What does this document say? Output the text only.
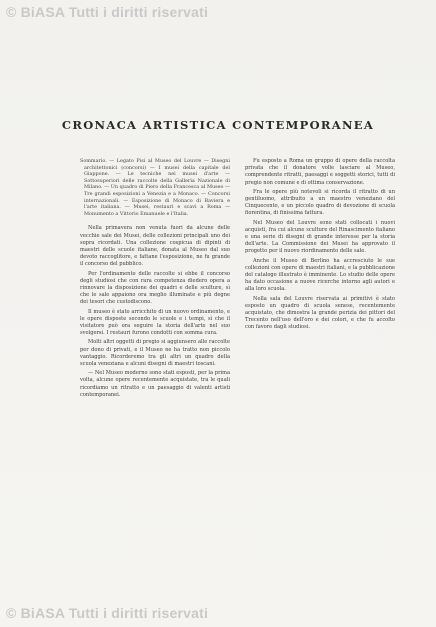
© BiASA Tutti i diritti riservati
CRONACA ARTISTICA CONTEMPORANEA
Sommario. — Legato Pisi al Museo del Louvre — Disegni architettonici (concorsi) — I musei della capitale del Giappone. — Le tecniche nei musei d'arte — Sottosuperiori delle raccolte della Galleria Nazionale di Milano. — Un quadro di Piero della Francesca al Museo — Tre grandi esposizioni a Venezia e a Monaco. — Concorsi internazionali. — Esposizione di Monaco di Baviera e l'arte italiana. — Musei, restauri e scavi a Roma — Monumento a Vittorio Emanuele e l'Italia.

Nella primavera non venuta fuori da alcune delle vecchie sale dei Musei, delle collezioni principali uno dei sopra ricordati. Una collezione cospicua di dipinti di maestri delle scuole italiane, donata al Museo dal suo devoto raccoglitore, e fattane l'esposizione, ne fu grande il concorso del pubblico.

Per l'ordinamento delle raccolte si ebbe il concorso degli studiosi che con rara competenza diedero opera a rinnovare la disposizione dei quadri e delle sculture, sì che le sale appaiono ora meglio illuminate e più degne dei tesori che custodiscono.

Il museo è stato arricchito di un nuovo ordinamento, e le opere disposte secondo le scuole e i tempi, sì che il visitatore può ora seguire la storia dell'arte nel suo svolgersi. I restauri furono condotti con somma cura.

Molti altri oggetti di pregio si aggiunsero alle raccolte per dono di privati, e il Museo ne ha tratto non piccolo vantaggio. Ricorderemo tra gli altri un quadro della scuola veneziana e alcuni disegni di maestri toscani.

— Nel Museo moderno sono stati esposti, per la prima volta, alcune opere recentemente acquistate, tra le quali ricordiamo un ritratto e un paesaggio di valenti artisti contemporanei.

Fu esposto a Roma un gruppo di opere della raccolta privata che il donatore volle lasciare al Museo, comprendente ritratti, paesaggi e soggetti storici, tutti di pregio non comune e di ottima conservazione.

Fra le opere più notevoli si ricorda il ritratto di un gentiluomo, attribuito a un maestro veneziano del Cinquecento, e un piccolo quadro di devozione di scuola fiorentina, di finissima fattura.

Nel Museo del Louvre sono stati collocati i nuovi acquisti, fra cui alcune sculture del Rinascimento italiano e una serie di disegni di grande interesse per la storia dell'arte. La Commissione dei Musei ha approvato il progetto per il nuovo riordinamento delle sale.

Anche il Museo di Berlino ha accresciuto le sue collezioni con opere di maestri italiani, e la pubblicazione del catalogo illustrato è imminente. Lo studio delle opere ha dato occasione a nuove ricerche intorno agli autori e alla loro scuola.

Nella sala del Louvre riservata ai primitivi è stato esposto un quadro di scuola senese, recentemente acquistato, che dimostra la grande perizia dei pittori del Trecento nell'uso dell'oro e dei colori, e che fu accolto con favore dagli studiosi.

© BiASA Tutti i diritti riservati
